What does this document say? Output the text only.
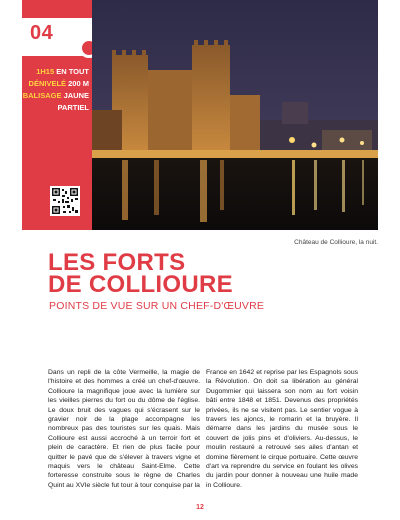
04
1H15 EN TOUT
DÉNIVELÉ 200 M
BALISAGE JAUNE PARTIEL
Château de Collioure, la nuit.
LES FORTS
DE COLLIOURE
POINTS DE VUE SUR UN CHEF-D'ŒUVRE
Dans un repli de la côte Vermeille, la magie de l'histoire et des hommes a créé un chef-d'œuvre. Collioure la magnifique joue avec la lumière sur les vieilles pierres du fort ou du dôme de l'église. Le doux bruit des vagues qui s'écrasent sur le gravier noir de la plage accompagne les nombreux pas des touristes sur les quais. Mais Collioure est aussi accroché à un terroir fort et plein de caractère. Et rien de plus facile pour quitter le pavé que de s'élever à travers vigne et maquis vers le château Saint-Elme. Cette forteresse construite sous le règne de Charles Quint au XVIe siècle fut tour à tour conquise par la
France en 1642 et reprise par les Espagnols sous la Révolution. On doit sa libération au général Dugommier qui laissera son nom au fort voisin bâti entre 1848 et 1851. Devenus des propriétés privées, ils ne se visitent pas. Le sentier vogue à travers les ajoncs, le romarin et la bruyère. Il démarre dans les jardins du musée sous le couvert de jolis pins et d'oliviers. Au-dessus, le moulin restauré a retrouvé ses ailes d'antan et domine fièrement le cirque portuaire. Cette œuvre d'art va reprendre du service en foulant les olives du jardin pour donner à nouveau une huile made in Collioure.
12
